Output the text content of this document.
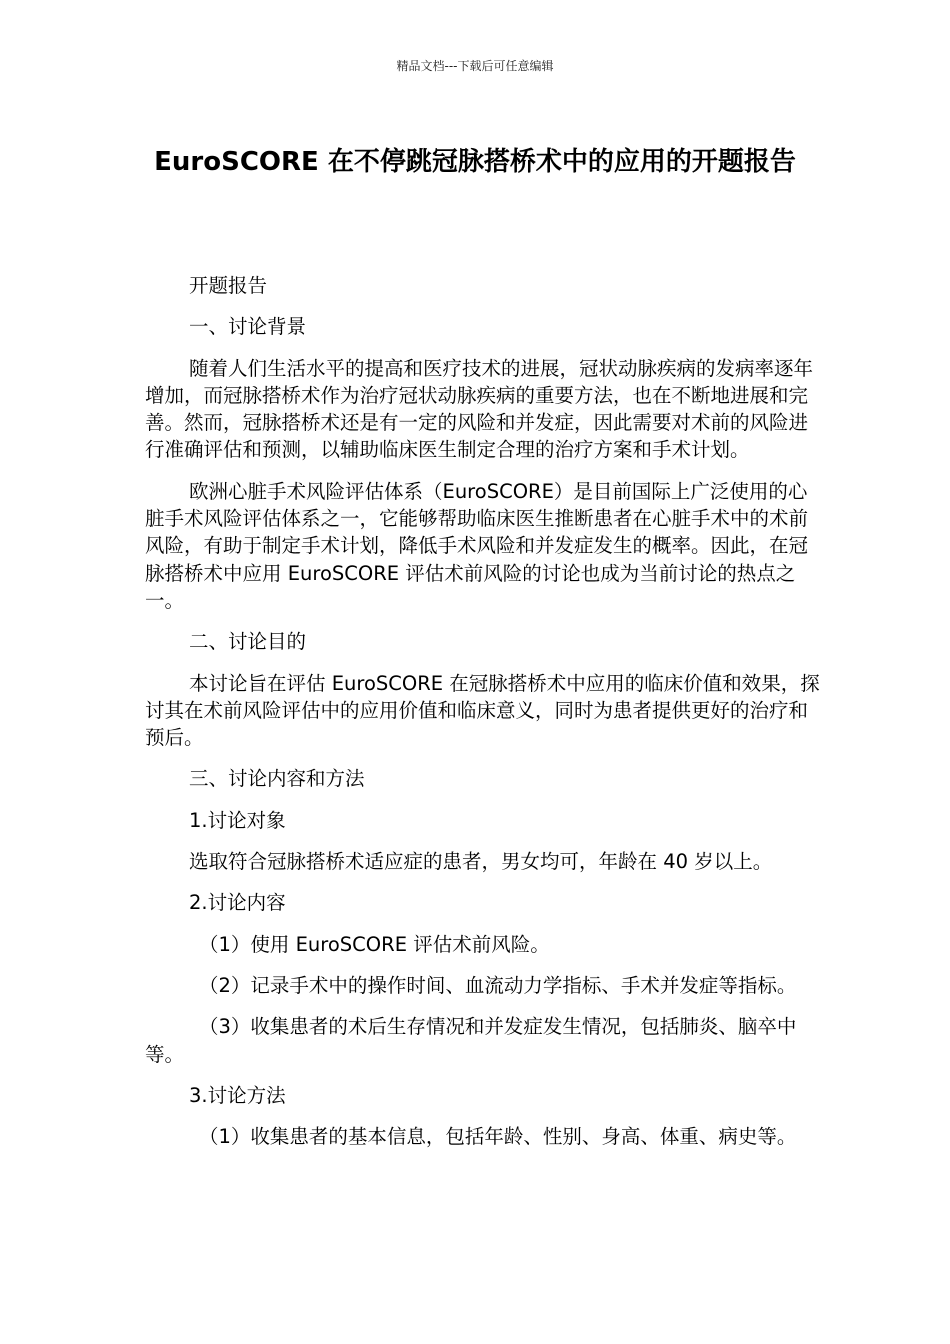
精品文档---下载后可任意编辑
EuroSCORE 在不停跳冠脉搭桥术中的应用的开题报告

开题报告

一、讨论背景

随着人们生活水平的提高和医疗技术的进展，冠状动脉疾病的发病率逐年增加，而冠脉搭桥术作为治疗冠状动脉疾病的重要方法，也在不断地进展和完善。然而，冠脉搭桥术还是有一定的风险和并发症，因此需要对术前的风险进行准确评估和预测，以辅助临床医生制定合理的治疗方案和手术计划。

欧洲心脏手术风险评估体系（EuroSCORE）是目前国际上广泛使用的心脏手术风险评估体系之一，它能够帮助临床医生推断患者在心脏手术中的术前风险，有助于制定手术计划，降低手术风险和并发症发生的概率。因此，在冠脉搭桥术中应用 EuroSCORE 评估术前风险的讨论也成为当前讨论的热点之一。

二、讨论目的

本讨论旨在评估 EuroSCORE 在冠脉搭桥术中应用的临床价值和效果，探讨其在术前风险评估中的应用价值和临床意义，同时为患者提供更好的治疗和预后。

三、讨论内容和方法

1.讨论对象

选取符合冠脉搭桥术适应症的患者，男女均可，年龄在 40 岁以上。

2.讨论内容

（1）使用 EuroSCORE 评估术前风险。

（2）记录手术中的操作时间、血流动力学指标、手术并发症等指标。

（3）收集患者的术后生存情况和并发症发生情况，包括肺炎、脑卒中等。

3.讨论方法

（1）收集患者的基本信息，包括年龄、性别、身高、体重、病史等。
